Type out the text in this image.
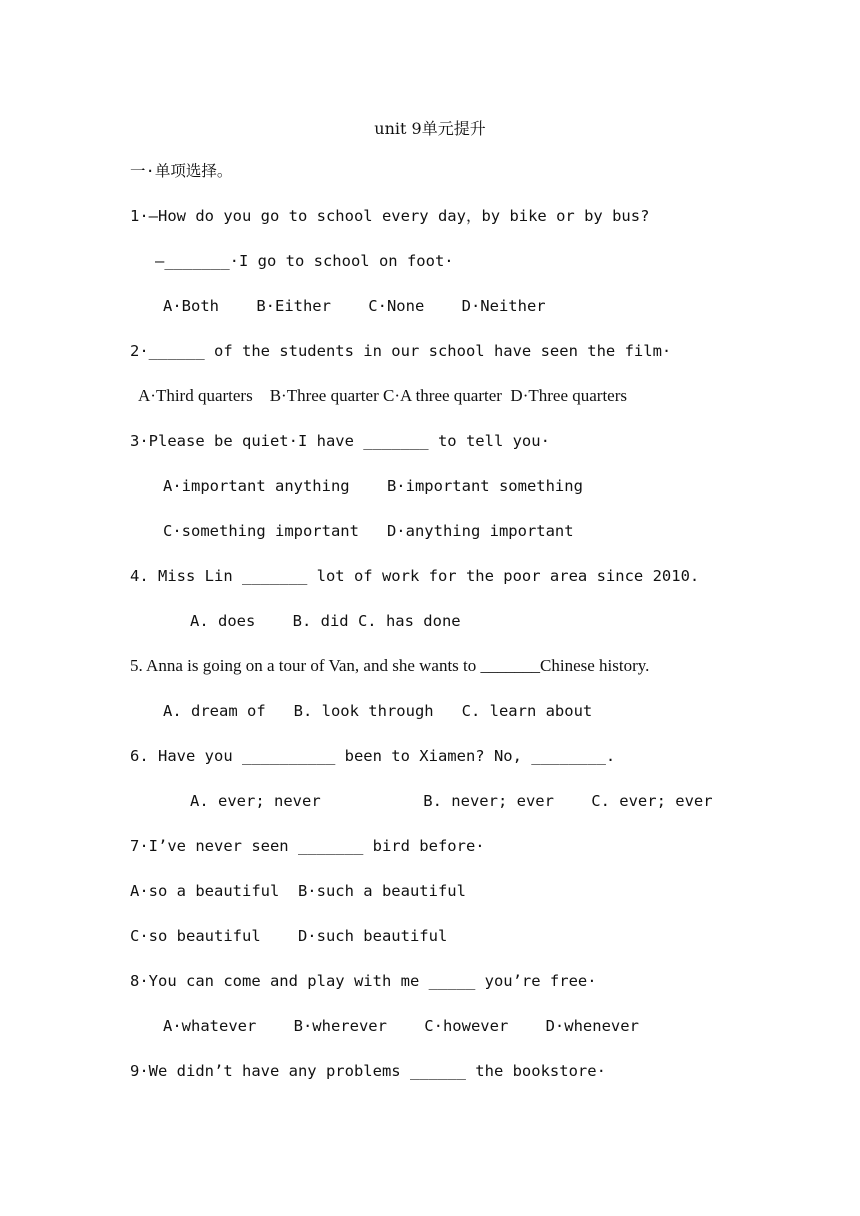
unit 9单元提升
一·单项选择。
1·—How do you go to school every day，by bike or by bus?
—_______·I go to school on foot·
A·Both    B·Either    C·None    D·Neither
2·______ of the students in our school have seen the film·
A·Third quarters    B·Three quarter C·A three quarter  D·Three quarters
3·Please be quiet·I have _______ to tell you·
A·important anything    B·important something
C·something important   D·anything important
4. Miss Lin _______ lot of work for the poor area since 2010.
A. does    B. did C. has done
5. Anna is going on a tour of Van, and she wants to _______Chinese history.
A. dream of   B. look through   C. learn about
6. Have you __________ been to Xiamen? No, ________.
A. ever; never           B. never; ever    C. ever; ever
7·I’ve never seen _______ bird before·
A·so a beautiful  B·such a beautiful
C·so beautiful    D·such beautiful
8·You can come and play with me _____ you’re free·
A·whatever    B·wherever    C·however    D·whenever
9·We didn’t have any problems ______ the bookstore·
